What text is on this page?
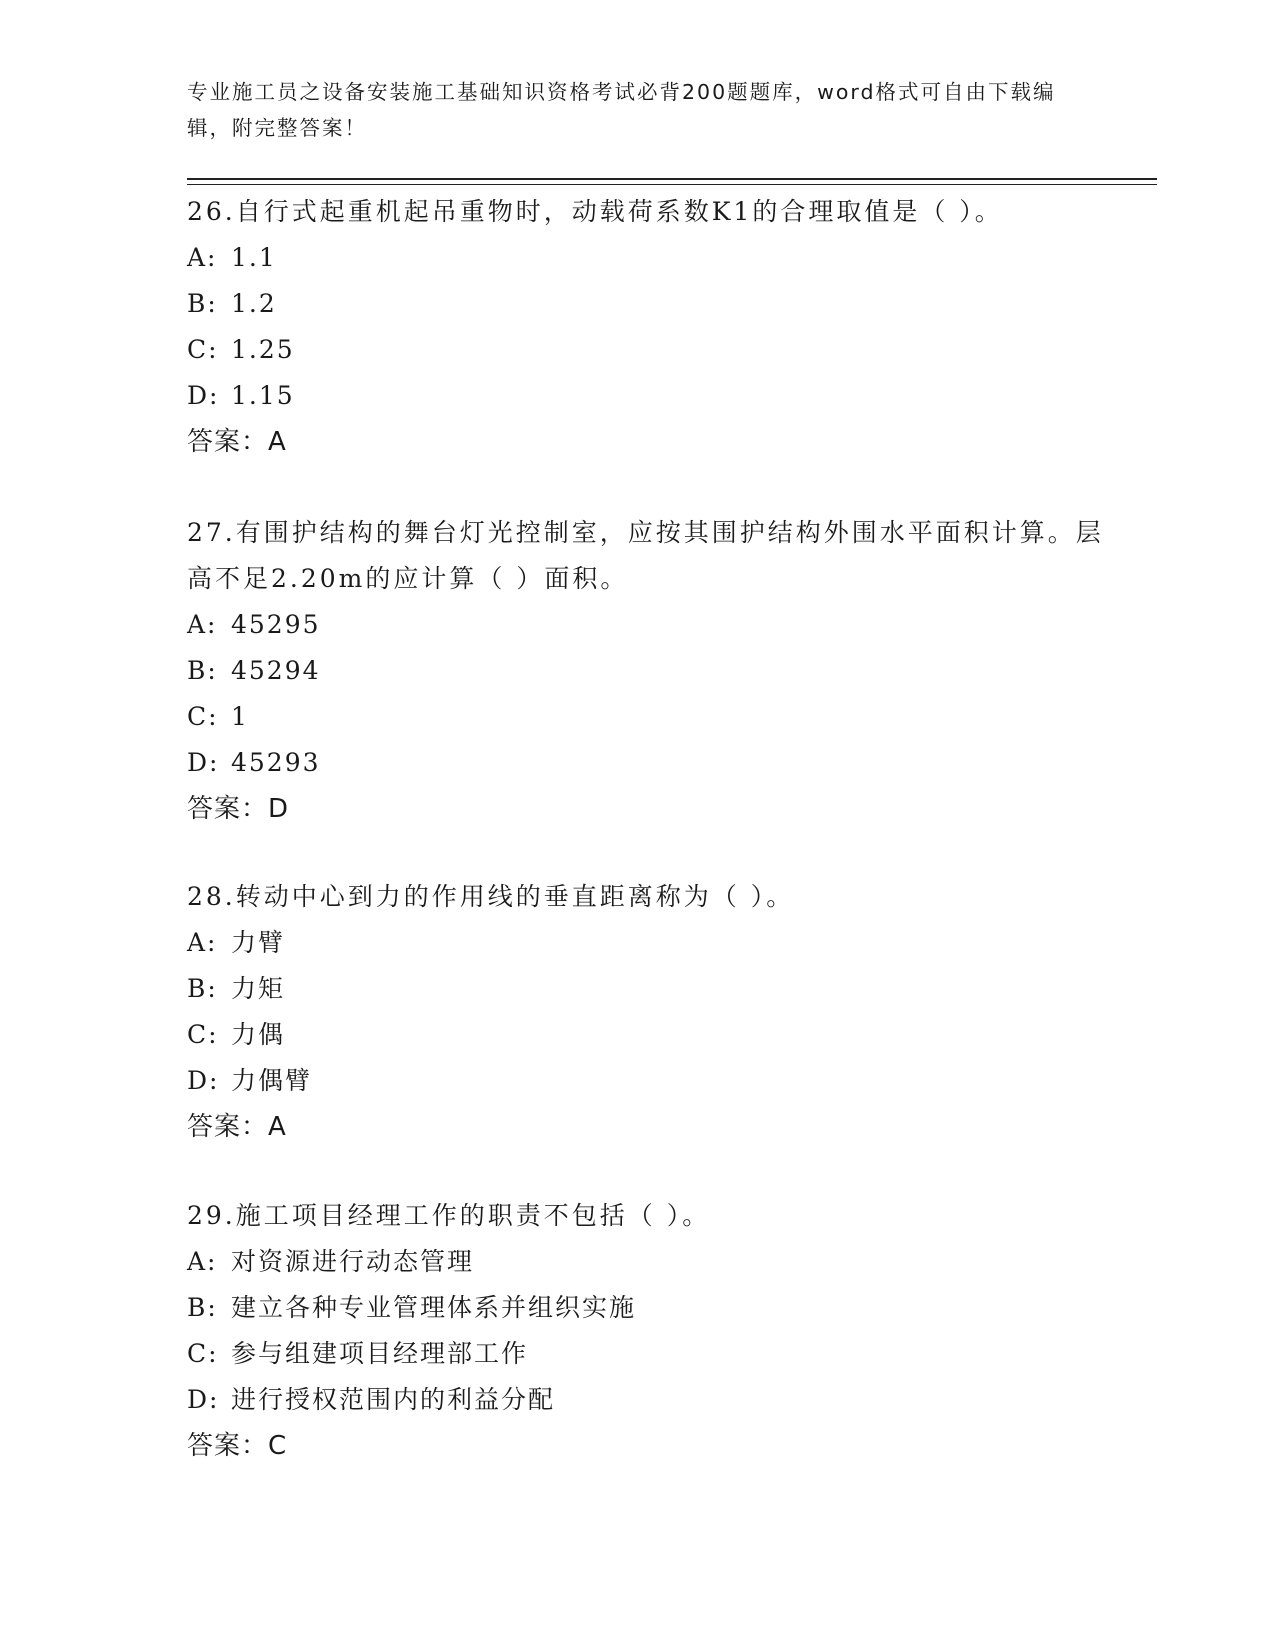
专业施工员之设备安装施工基础知识资格考试必背200题题库，word格式可自由下载编辑，附完整答案！

26.自行式起重机起吊重物时，动载荷系数K1的合理取值是（ ）。

A: 1.1

B: 1.2

C: 1.25

D: 1.15

答案：A

27.有围护结构的舞台灯光控制室，应按其围护结构外围水平面积计算。层高不足2.20m的应计算（ ）面积。

A: 45295

B: 45294

C: 1

D: 45293

答案：D

28.转动中心到力的作用线的垂直距离称为（ ）。

A: 力臂

B: 力矩

C: 力偶

D: 力偶臂

答案：A

29.施工项目经理工作的职责不包括（ ）。

A: 对资源进行动态管理

B: 建立各种专业管理体系并组织实施

C: 参与组建项目经理部工作

D: 进行授权范围内的利益分配

答案：C
